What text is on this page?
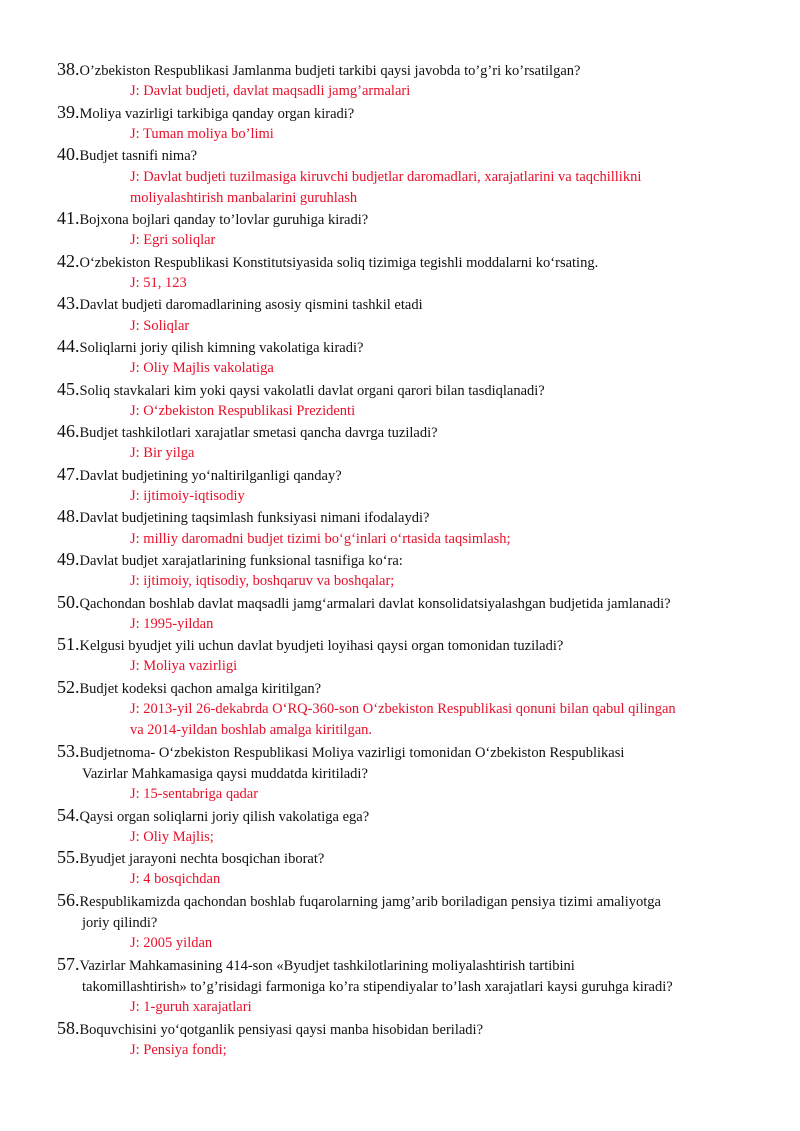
38.O’zbekiston Respublikasi Jamlanma budjeti tarkibi qaysi javobda to’g’ri ko’rsatilgan?
J: Davlat budjeti, davlat maqsadli jamg’armalari
39.Moliya vazirligi tarkibiga qanday organ kiradi?
J: Tuman moliya bo’limi
40.Budjet tasnifi nima?
J: Davlat budjeti tuzilmasiga kiruvchi budjetlar daromadlari, xarajatlarini va taqchillikni
moliyalashtirish manbalarini guruhlash
41.Bojxona bojlari qanday to’lovlar guruhiga kiradi?
J: Egri soliqlar
42.O‘zbekiston Respublikasi Konstitutsiyasida soliq tizimiga tegishli moddalarni ko‘rsating.
J: 51, 123
43.Davlat budjeti daromadlarining asosiy qismini tashkil etadi
J: Soliqlar
44.Soliqlarni joriy qilish kimning vakolatiga kiradi?
J: Oliy Majlis vakolatiga
45.Soliq stavkalari kim yoki qaysi vakolatli davlat organi qarori bilan tasdiqlanadi?
J: O‘zbekiston Respublikasi Prezidenti
46.Budjet tashkilotlari xarajatlar smetasi qancha davrga tuziladi?
J: Bir yilga
47.Davlat budjetining yo‘naltirilganligi qanday?
J: ijtimoiy-iqtisodiy
48.Davlat budjetining taqsimlash funksiyasi nimani ifodalaydi?
J: milliy daromadni budjet tizimi bo‘g‘inlari o‘rtasida taqsimlash;
49.Davlat budjet xarajatlarining funksional tasnifiga ko‘ra:
J: ijtimoiy, iqtisodiy, boshqaruv va boshqalar;
50.Qachondan boshlab davlat maqsadli jamg‘armalari davlat konsolidatsiyalashgan budjetida jamlanadi?
J: 1995-yildan
51.Kelgusi byudjet yili uchun davlat byudjeti loyihasi qaysi organ tomonidan tuziladi?
J: Moliya vazirligi
52.Budjet kodeksi qachon amalga kiritilgan?
J: 2013-yil 26-dekabrda O‘RQ-360-son O‘zbekiston Respublikasi qonuni bilan qabul qilingan
va 2014-yildan boshlab amalga kiritilgan.
53.Budjetnoma- O‘zbekiston Respublikasi Moliya vazirligi tomonidan O‘zbekiston Respublikasi
Vazirlar Mahkamasiga qaysi muddatda kiritiladi?
J: 15-sentabriga qadar
54.Qaysi organ soliqlarni joriy qilish vakolatiga ega?
J: Oliy Majlis;
55.Byudjet jarayoni nechta bosqichan iborat?
J: 4 bosqichdan
56.Respublikamizda qachondan boshlab fuqarolarning jamg’arib boriladigan pensiya tizimi amaliyotga
joriy qilindi?
J: 2005 yildan
57.Vazirlar Mahkamasining 414-son «Byudjet tashkilotlarining moliyalashtirish tartibini
takomillashtirish» to’g’risidagi farmoniga ko’ra stipendiyalar to’lash xarajatlari kaysi guruhga kiradi?
J: 1-guruh xarajatlari
58.Boquvchisini yo‘qotganlik pensiyasi qaysi manba hisobidan beriladi?
J: Pensiya fondi;
